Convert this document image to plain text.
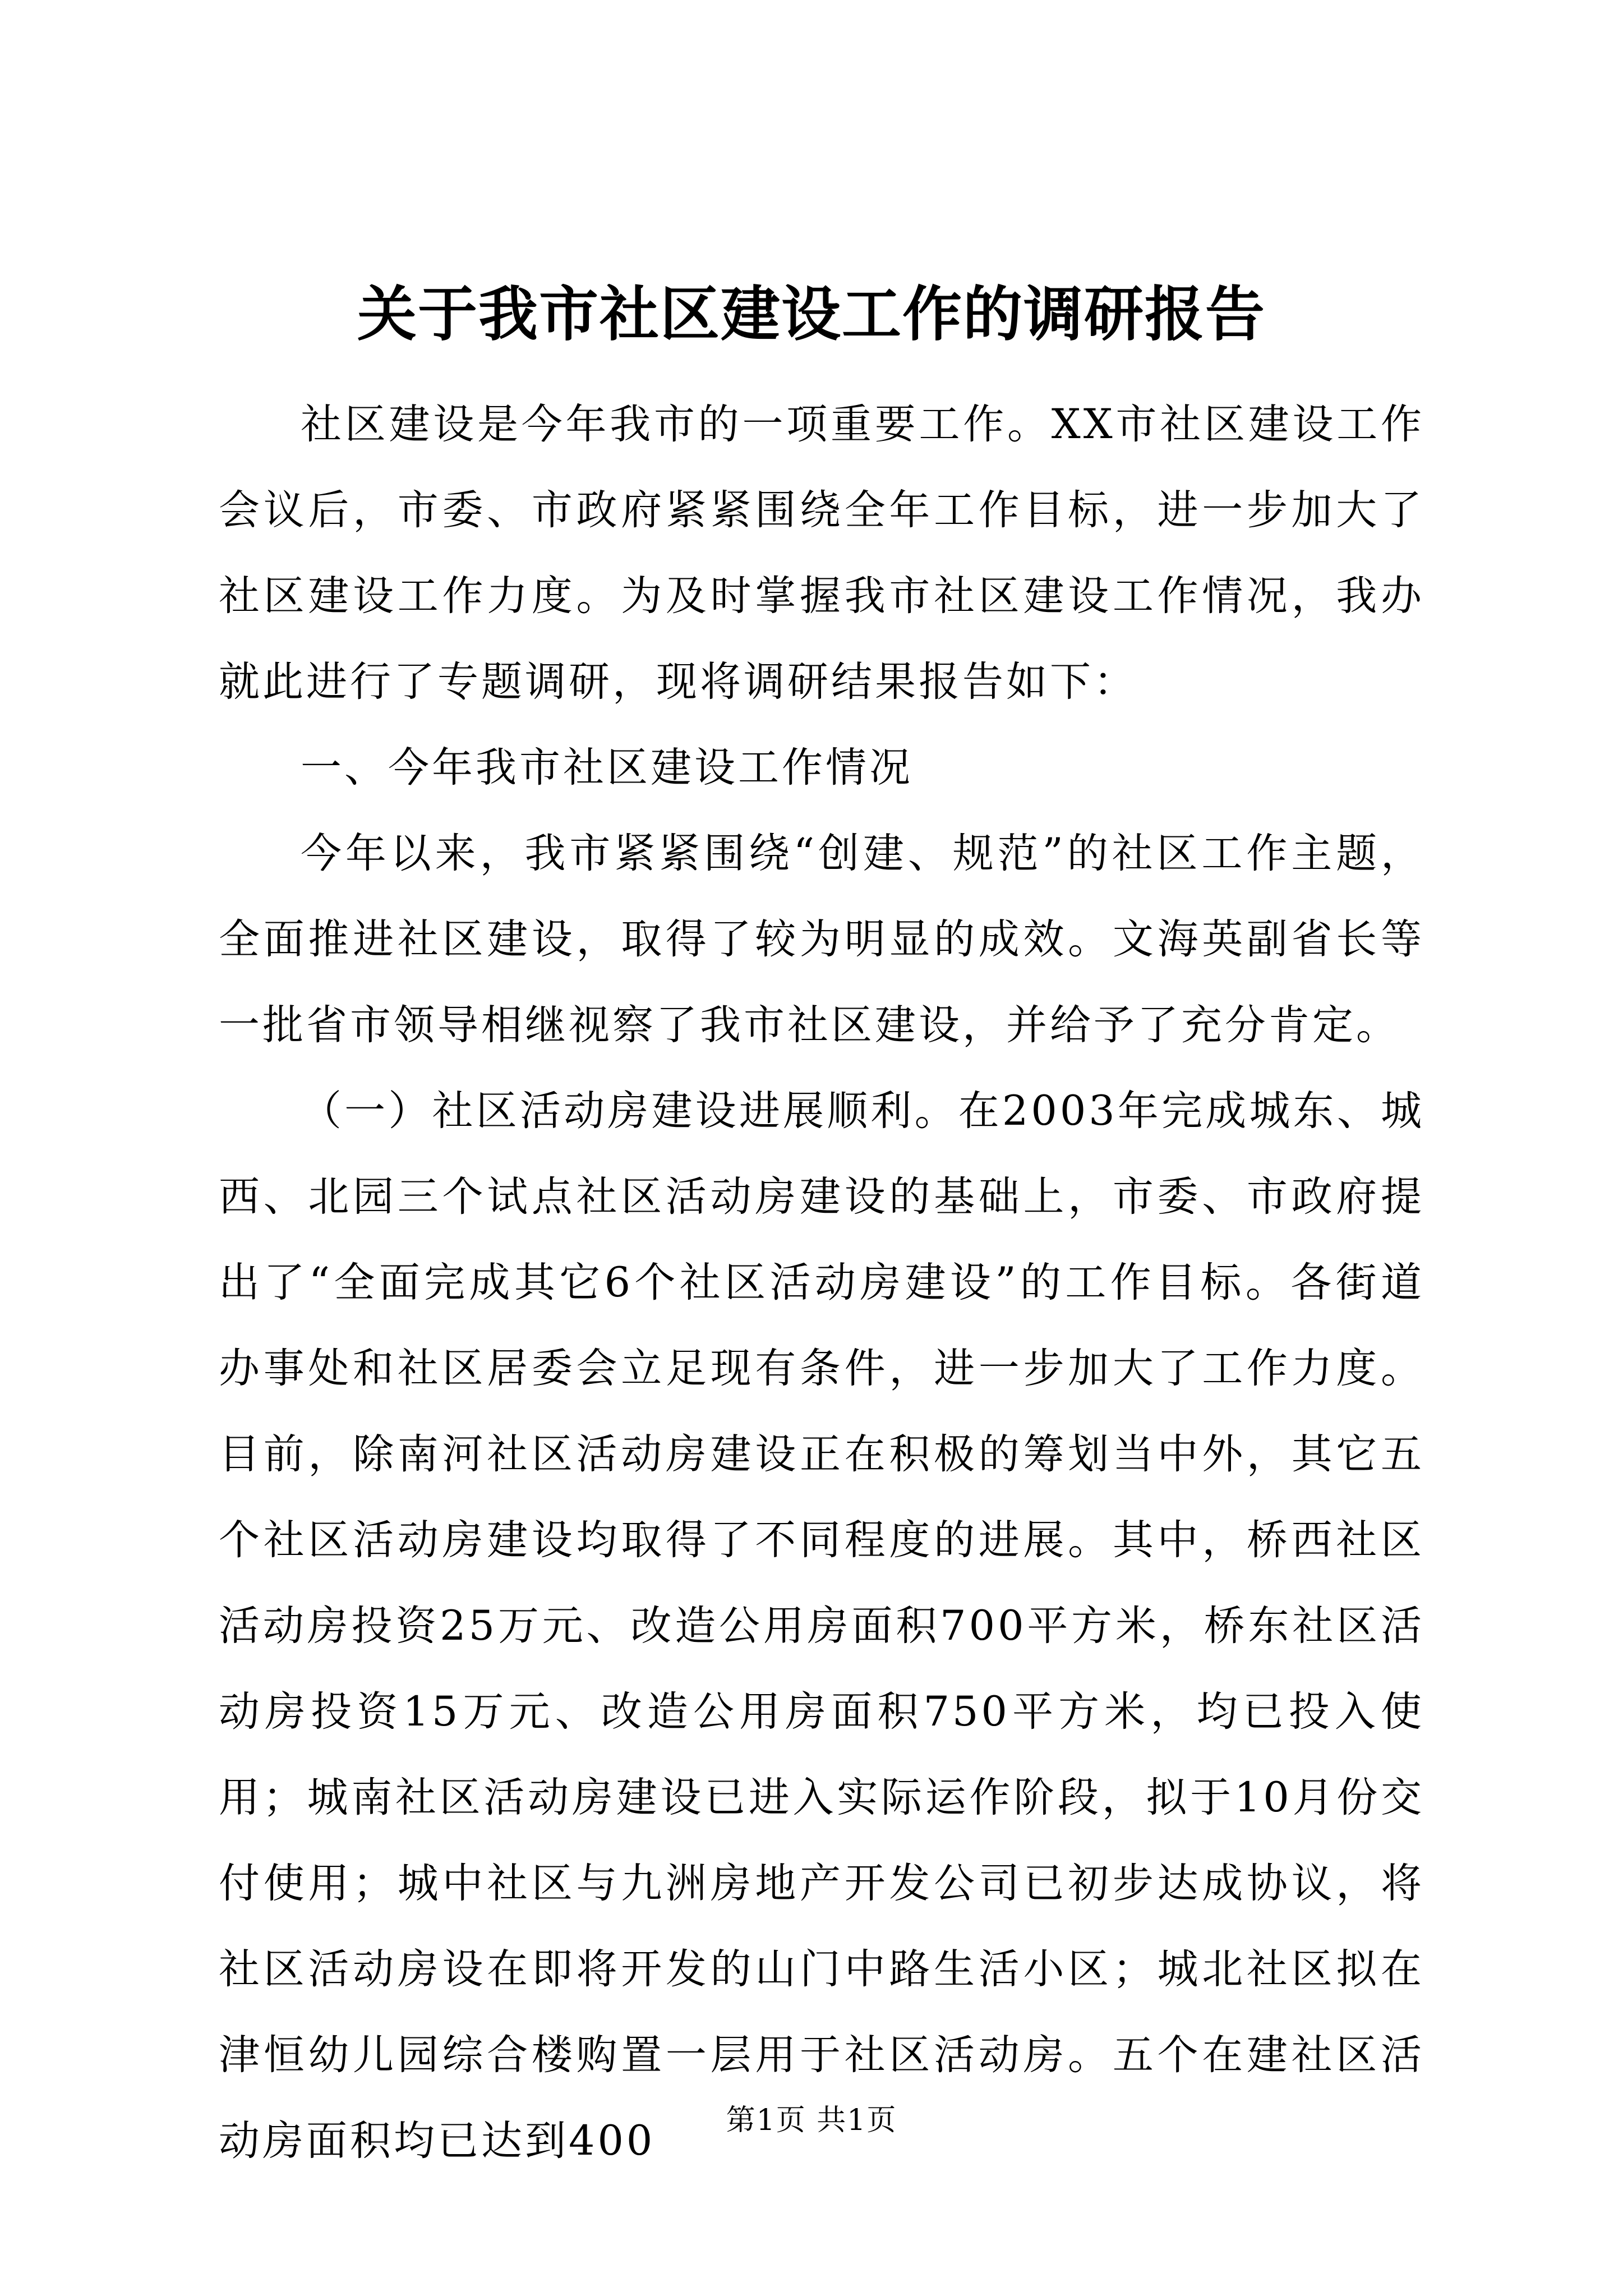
关于我市社区建设工作的调研报告

社区建设是今年我市的一项重要工作。XX市社区建设工作会议后，市委、市政府紧紧围绕全年工作目标，进一步加大了社区建设工作力度。为及时掌握我市社区建设工作情况，我办就此进行了专题调研，现将调研结果报告如下：

一、今年我市社区建设工作情况

今年以来，我市紧紧围绕“创建、规范”的社区工作主题，全面推进社区建设，取得了较为明显的成效。文海英副省长等一批省市领导相继视察了我市社区建设，并给予了充分肯定。

（一）社区活动房建设进展顺利。在2003年完成城东、城西、北园三个试点社区活动房建设的基础上，市委、市政府提出了“全面完成其它6个社区活动房建设”的工作目标。各街道办事处和社区居委会立足现有条件，进一步加大了工作力度。目前，除南河社区活动房建设正在积极的筹划当中外，其它五个社区活动房建设均取得了不同程度的进展。其中，桥西社区活动房投资25万元、改造公用房面积700平方米，桥东社区活动房投资15万元、改造公用房面积750平方米，均已投入使用；城南社区活动房建设已进入实际运作阶段，拟于10月份交付使用；城中社区与九洲房地产开发公司已初步达成协议，将社区活动房设在即将开发的山门中路生活小区；城北社区拟在津恒幼儿园综合楼购置一层用于社区活动房。五个在建社区活动房面积均已达到400	第1页 共1页
